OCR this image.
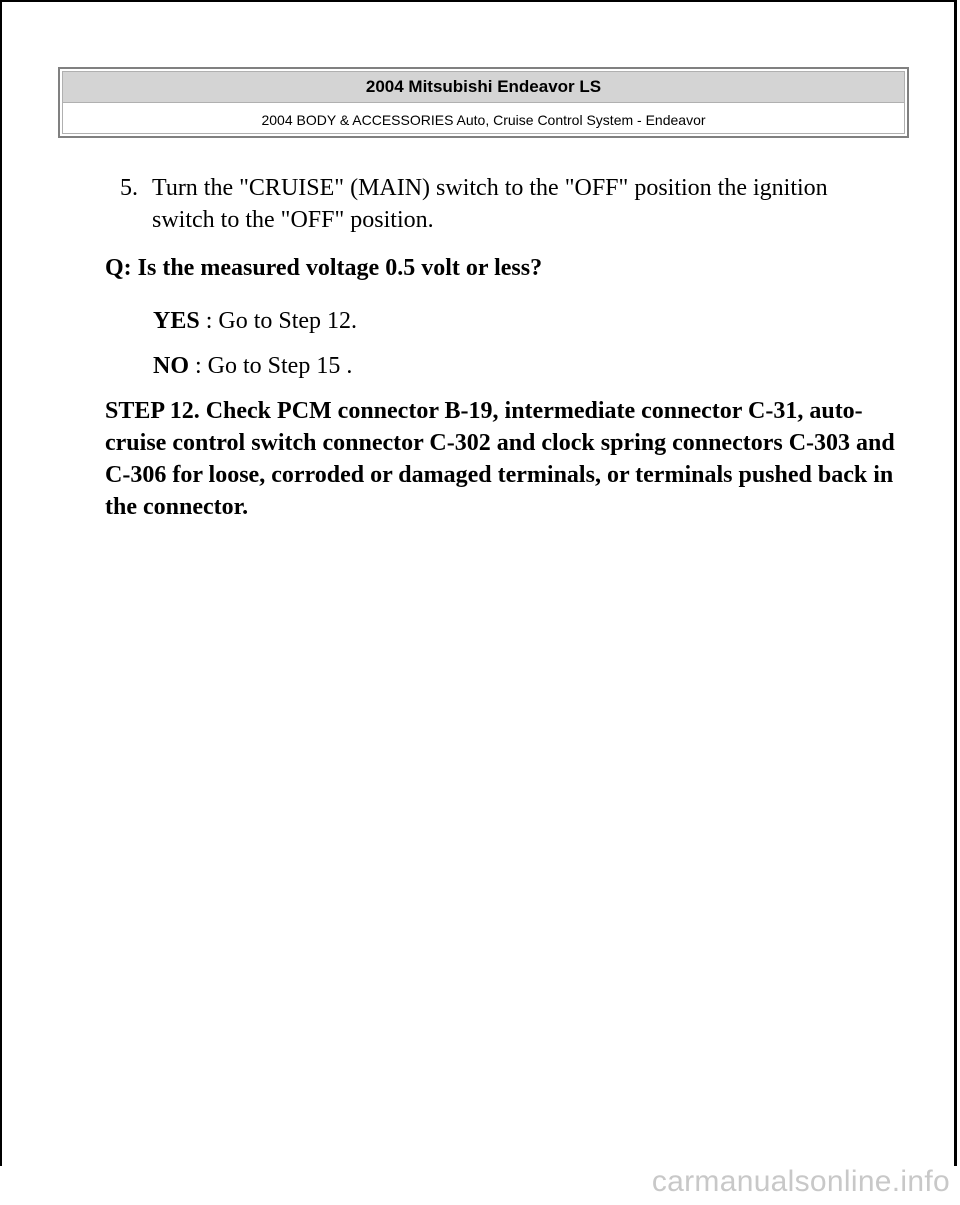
2004 Mitsubishi Endeavor LS
2004 BODY & ACCESSORIES Auto, Cruise Control System - Endeavor
5. Turn the "CRUISE" (MAIN) switch to the "OFF" position the ignition switch to the "OFF" position.
Q: Is the measured voltage 0.5 volt or less?
YES : Go to Step 12.
NO : Go to Step 15 .
STEP 12. Check PCM connector B-19, intermediate connector C-31, auto-cruise control switch connector C-302 and clock spring connectors C-303 and C-306 for loose, corroded or damaged terminals, or terminals pushed back in the connector.
carmanualsonline.info
